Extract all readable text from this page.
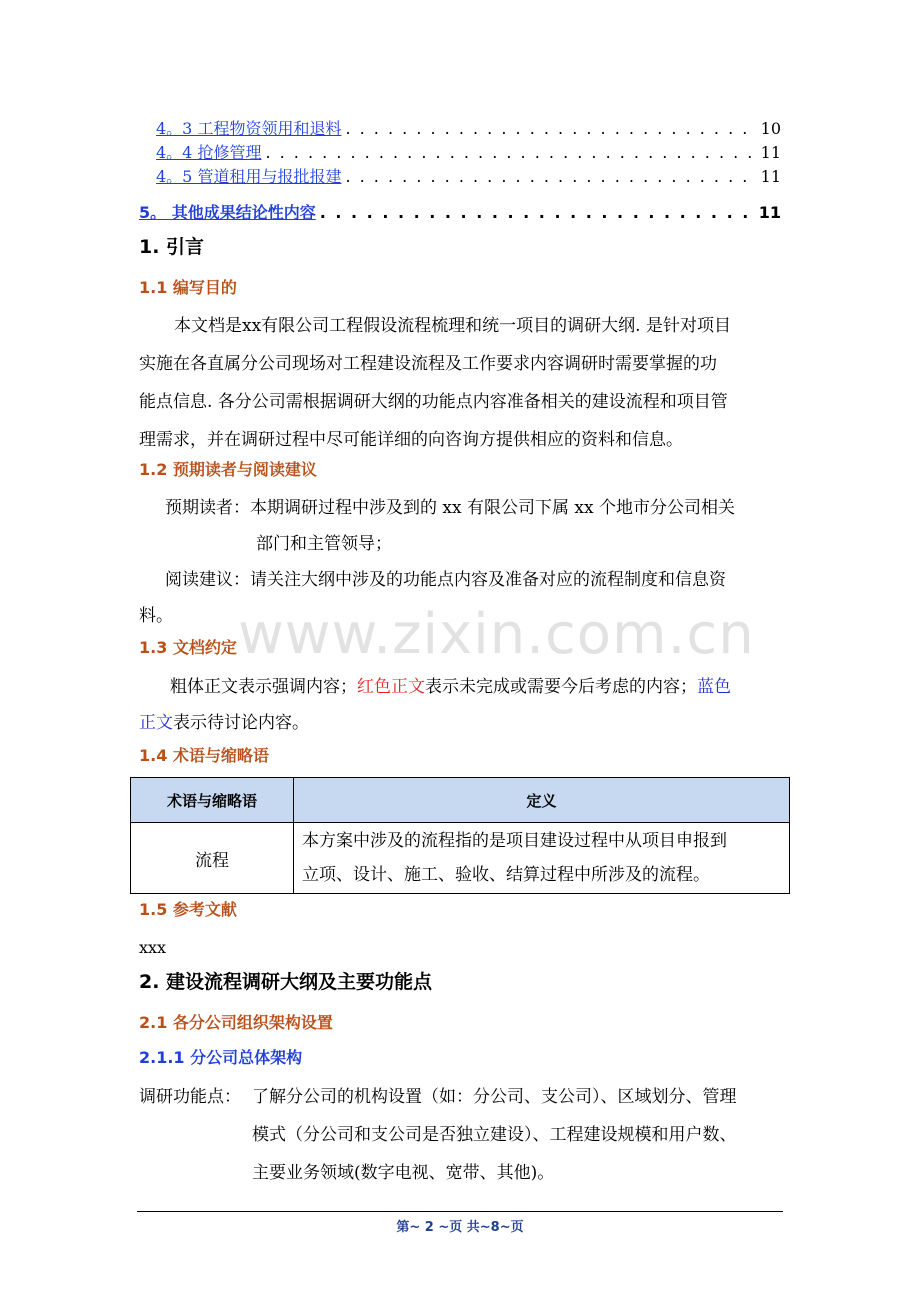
4。3 工程物资领用和退料 . . .	10
4。4 抢修管理 . . .	11
4。5 管道租用与报批报建 . . .	11
5。 其他成果结论性内容 . . .	11
1. 引言
1.1 编写目的
本文档是xx有限公司工程假设流程梳理和统一项目的调研大纲. 是针对项目
实施在各直属分公司现场对工程建设流程及工作要求内容调研时需要掌握的功
能点信息. 各分公司需根据调研大纲的功能点内容准备相关的建设流程和项目管
理需求，并在调研过程中尽可能详细的向咨询方提供相应的资料和信息。
1.2 预期读者与阅读建议
预期读者：本期调研过程中涉及到的 xx 有限公司下属 xx 个地市分公司相关
部门和主管领导；
阅读建议：请关注大纲中涉及的功能点内容及准备对应的流程制度和信息资
料。
1.3 文档约定
粗体正文表示强调内容；红色正文表示未完成或需要今后考虑的内容；蓝色
正文表示待讨论内容。
1.4 术语与缩略语
术语与缩略语	定义
流程	本方案中涉及的流程指的是项目建设过程中从项目申报到
立项、设计、施工、验收、结算过程中所涉及的流程。
1.5 参考文献
xxx
2. 建设流程调研大纲及主要功能点
2.1 各分公司组织架构设置
2.1.1 分公司总体架构
调研功能点： 了解分公司的机构设置（如：分公司、支公司）、区域划分、管理
模式（分公司和支公司是否独立建设）、工程建设规模和用户数、
主要业务领域(数字电视、宽带、其他)。
www.zixin.com.cn
第~ 2 ~页 共~8~页
